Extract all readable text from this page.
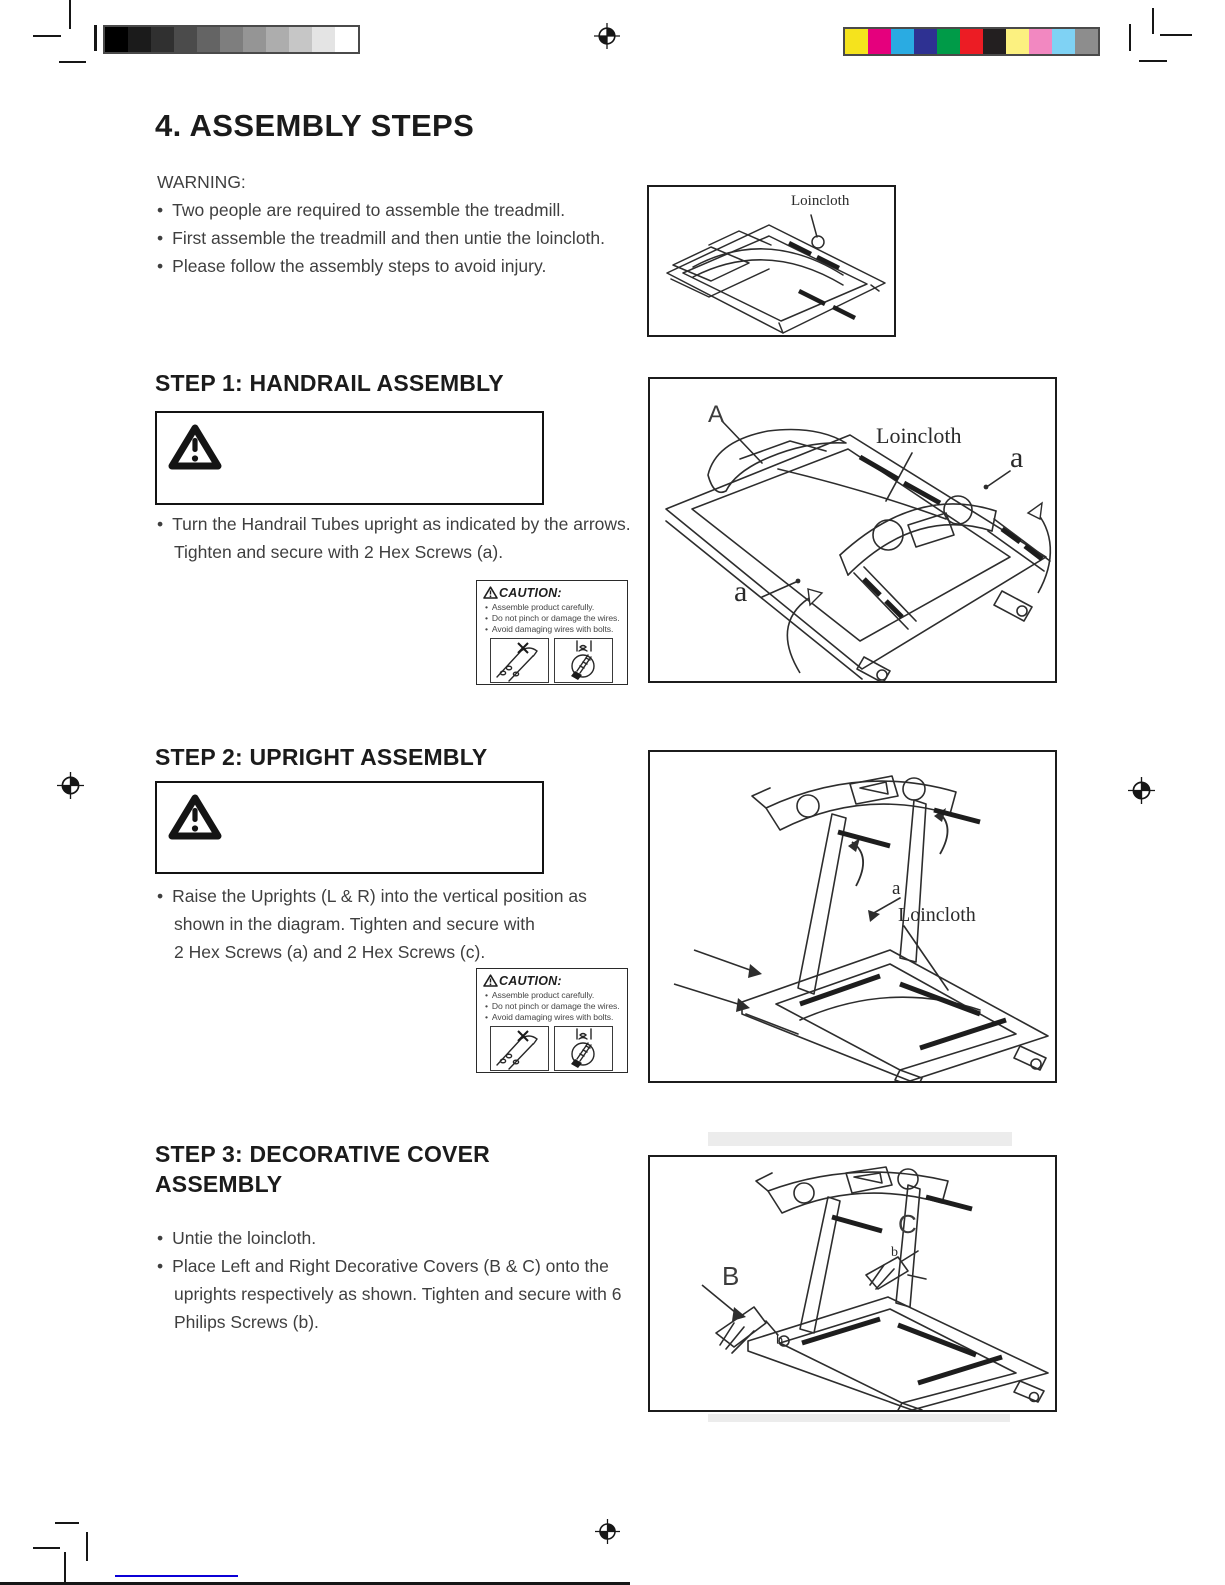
4. ASSEMBLY STEPS
WARNING:
• Two people are required to assemble the treadmill.
• First assemble the treadmill and then untie the loincloth.
• Please follow the assembly steps to avoid injury.
Loincloth
STEP 1: HANDRAIL ASSEMBLY
• Turn the Handrail Tubes upright as indicated by the arrows.
Tighten and secure with 2 Hex Screws (a).
CAUTION:
• Assemble product carefully.
• Do not pinch or damage the wires.
• Avoid damaging wires with bolts.
A
Loincloth
a
a
STEP 2: UPRIGHT ASSEMBLY
• Raise the Uprights (L & R) into the vertical position as
shown in the diagram. Tighten and secure with
2 Hex Screws (a) and 2 Hex Screws (c).
CAUTION:
• Assemble product carefully.
• Do not pinch or damage the wires.
• Avoid damaging wires with bolts.
a
Loincloth
STEP 3: DECORATIVE COVER
ASSEMBLY
• Untie the loincloth.
• Place Left and Right Decorative Covers (B & C) onto the
uprights respectively as shown. Tighten and secure with 6
Philips Screws (b).
B
C
b
b
